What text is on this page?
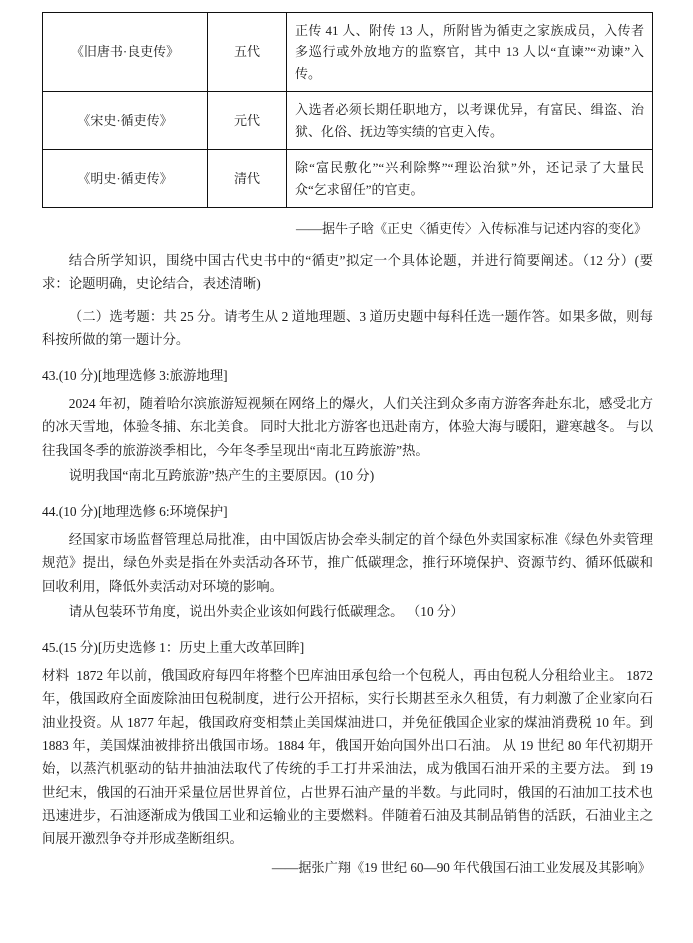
《旧唐书·良吏传》	五代	正传 41 人、附传 13 人，所附皆为循吏之家族成员，入传者多巡行或外放地方的监察官，其中 13 人以“直谏”“劝谏”入传。
《宋史·循吏传》	元代	入选者必须长期任职地方，以考课优异，有富民、缉盗、治狱、化俗、抚边等实绩的官吏入传。
《明史·循吏传》	清代	除“富民敷化”“兴利除弊”“理讼治狱”外，还记录了大量民众“乞求留任”的官吏。
——据牛子晗《正史〈循吏传〉入传标准与记述内容的变化》

结合所学知识，围绕中国古代史书中的“循吏”拟定一个具体论题，并进行简要阐述。（12 分）(要求：论题明确，史论结合，表述清晰)

（二）选考题：共 25 分。请考生从 2 道地理题、3 道历史题中每科任选一题作答。如果多做，则每科按所做的第一题计分。

43.(10 分)[地理选修 3:旅游地理]

2024 年初，随着哈尔滨旅游短视频在网络上的爆火，人们关注到众多南方游客奔赴东北，感受北方的冰天雪地，体验冬捕、东北美食。 同时大批北方游客也迅赴南方，体验大海与暖阳，避寒越冬。 与以往我国冬季的旅游淡季相比，今年冬季呈现出“南北互跨旅游”热。

说明我国“南北互跨旅游”热产生的主要原因。(10 分)

44.(10 分)[地理选修 6:环境保护]

经国家市场监督管理总局批准，由中国饭店协会牵头制定的首个绿色外卖国家标准《绿色外卖管理规范》提出，绿色外卖是指在外卖活动各环节，推广低碳理念，推行环境保护、资源节约、循环低碳和回收利用，降低外卖活动对环境的影响。

请从包装环节角度，说出外卖企业该如何践行低碳理念。 （10 分）

45.(15 分)[历史选修 1：历史上重大改革回眸]

材料 1872 年以前，俄国政府每四年将整个巴库油田承包给一个包税人，再由包税人分租给业主。 1872 年，俄国政府全面废除油田包税制度，进行公开招标，实行长期甚至永久租赁，有力刺激了企业家向石油业投资。从 1877 年起，俄国政府变相禁止美国煤油进口，并免征俄国企业家的煤油消费税 10 年。到 1883 年，美国煤油被排挤出俄国市场。1884 年，俄国开始向国外出口石油。 从 19 世纪 80 年代初期开始，以蒸汽机驱动的钻井抽油法取代了传统的手工打井采油法，成为俄国石油开采的主要方法。 到 19 世纪末，俄国的石油开采量位居世界首位，占世界石油产量的半数。与此同时，俄国的石油加工技术也迅速进步，石油逐渐成为俄国工业和运输业的主要燃料。伴随着石油及其制品销售的活跃，石油业主之间展开激烈争夺并形成垄断组织。

——据张广翔《19 世纪 60—90 年代俄国石油工业发展及其影响》
